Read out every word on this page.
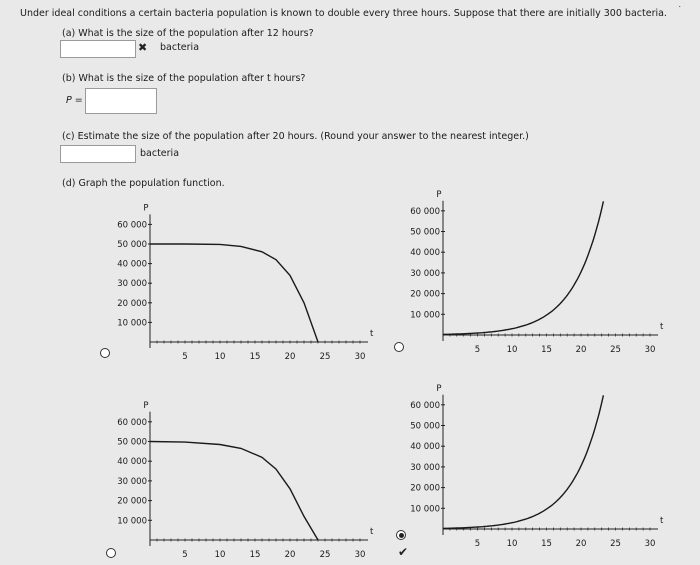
Under ideal conditions a certain bacteria population is known to double every three hours. Suppose that there are initially 300 bacteria. ˙
(a) What is the size of the population after 12 hours?
✖ bacteria
(b) What is the size of the population after t hours?
P =
(c) Estimate the size of the population after 20 hours. (Round your answer to the nearest integer.)
bacteria
(d) Graph the population function.
✔
P
t
60 000
50 000
40 000
30 000
20 000
10 000
5	10	15	20	25	30
P
t
60 000
50 000
40 000
30 000
20 000
10 000
5	10	15	20	25	30
P
t
60 000
50 000
40 000
30 000
20 000
10 000
5	10	15	20	25	30
P
t
60 000
50 000
40 000
30 000
20 000
10 000
5	10	15	20	25	30
